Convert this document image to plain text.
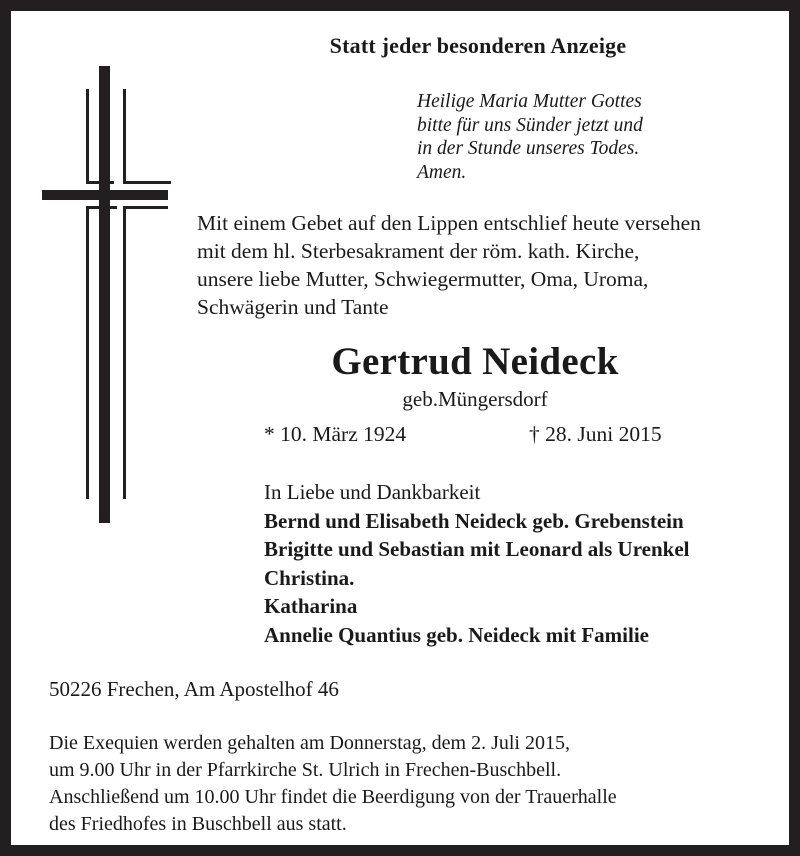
Statt jeder besonderen Anzeige
Heilige Maria Mutter Gottes
bitte für uns Sünder jetzt und
in der Stunde unseres Todes.
Amen.
Mit einem Gebet auf den Lippen entschlief heute versehen
mit dem hl. Sterbesakrament der röm. kath. Kirche,
unsere liebe Mutter, Schwiegermutter, Oma, Uroma,
Schwägerin und Tante
Gertrud Neideck
geb.Müngersdorf
* 10. März 1924	† 28. Juni 2015
In Liebe und Dankbarkeit
Bernd und Elisabeth Neideck geb. Grebenstein
Brigitte und Sebastian mit Leonard als Urenkel
Christina.
Katharina
Annelie Quantius geb. Neideck mit Familie
50226 Frechen, Am Apostelhof 46
Die Exequien werden gehalten am Donnerstag, dem 2. Juli 2015,
um 9.00 Uhr in der Pfarrkirche St. Ulrich in Frechen-Buschbell.
Anschließend um 10.00 Uhr findet die Beerdigung von der Trauerhalle
des Friedhofes in Buschbell aus statt.
